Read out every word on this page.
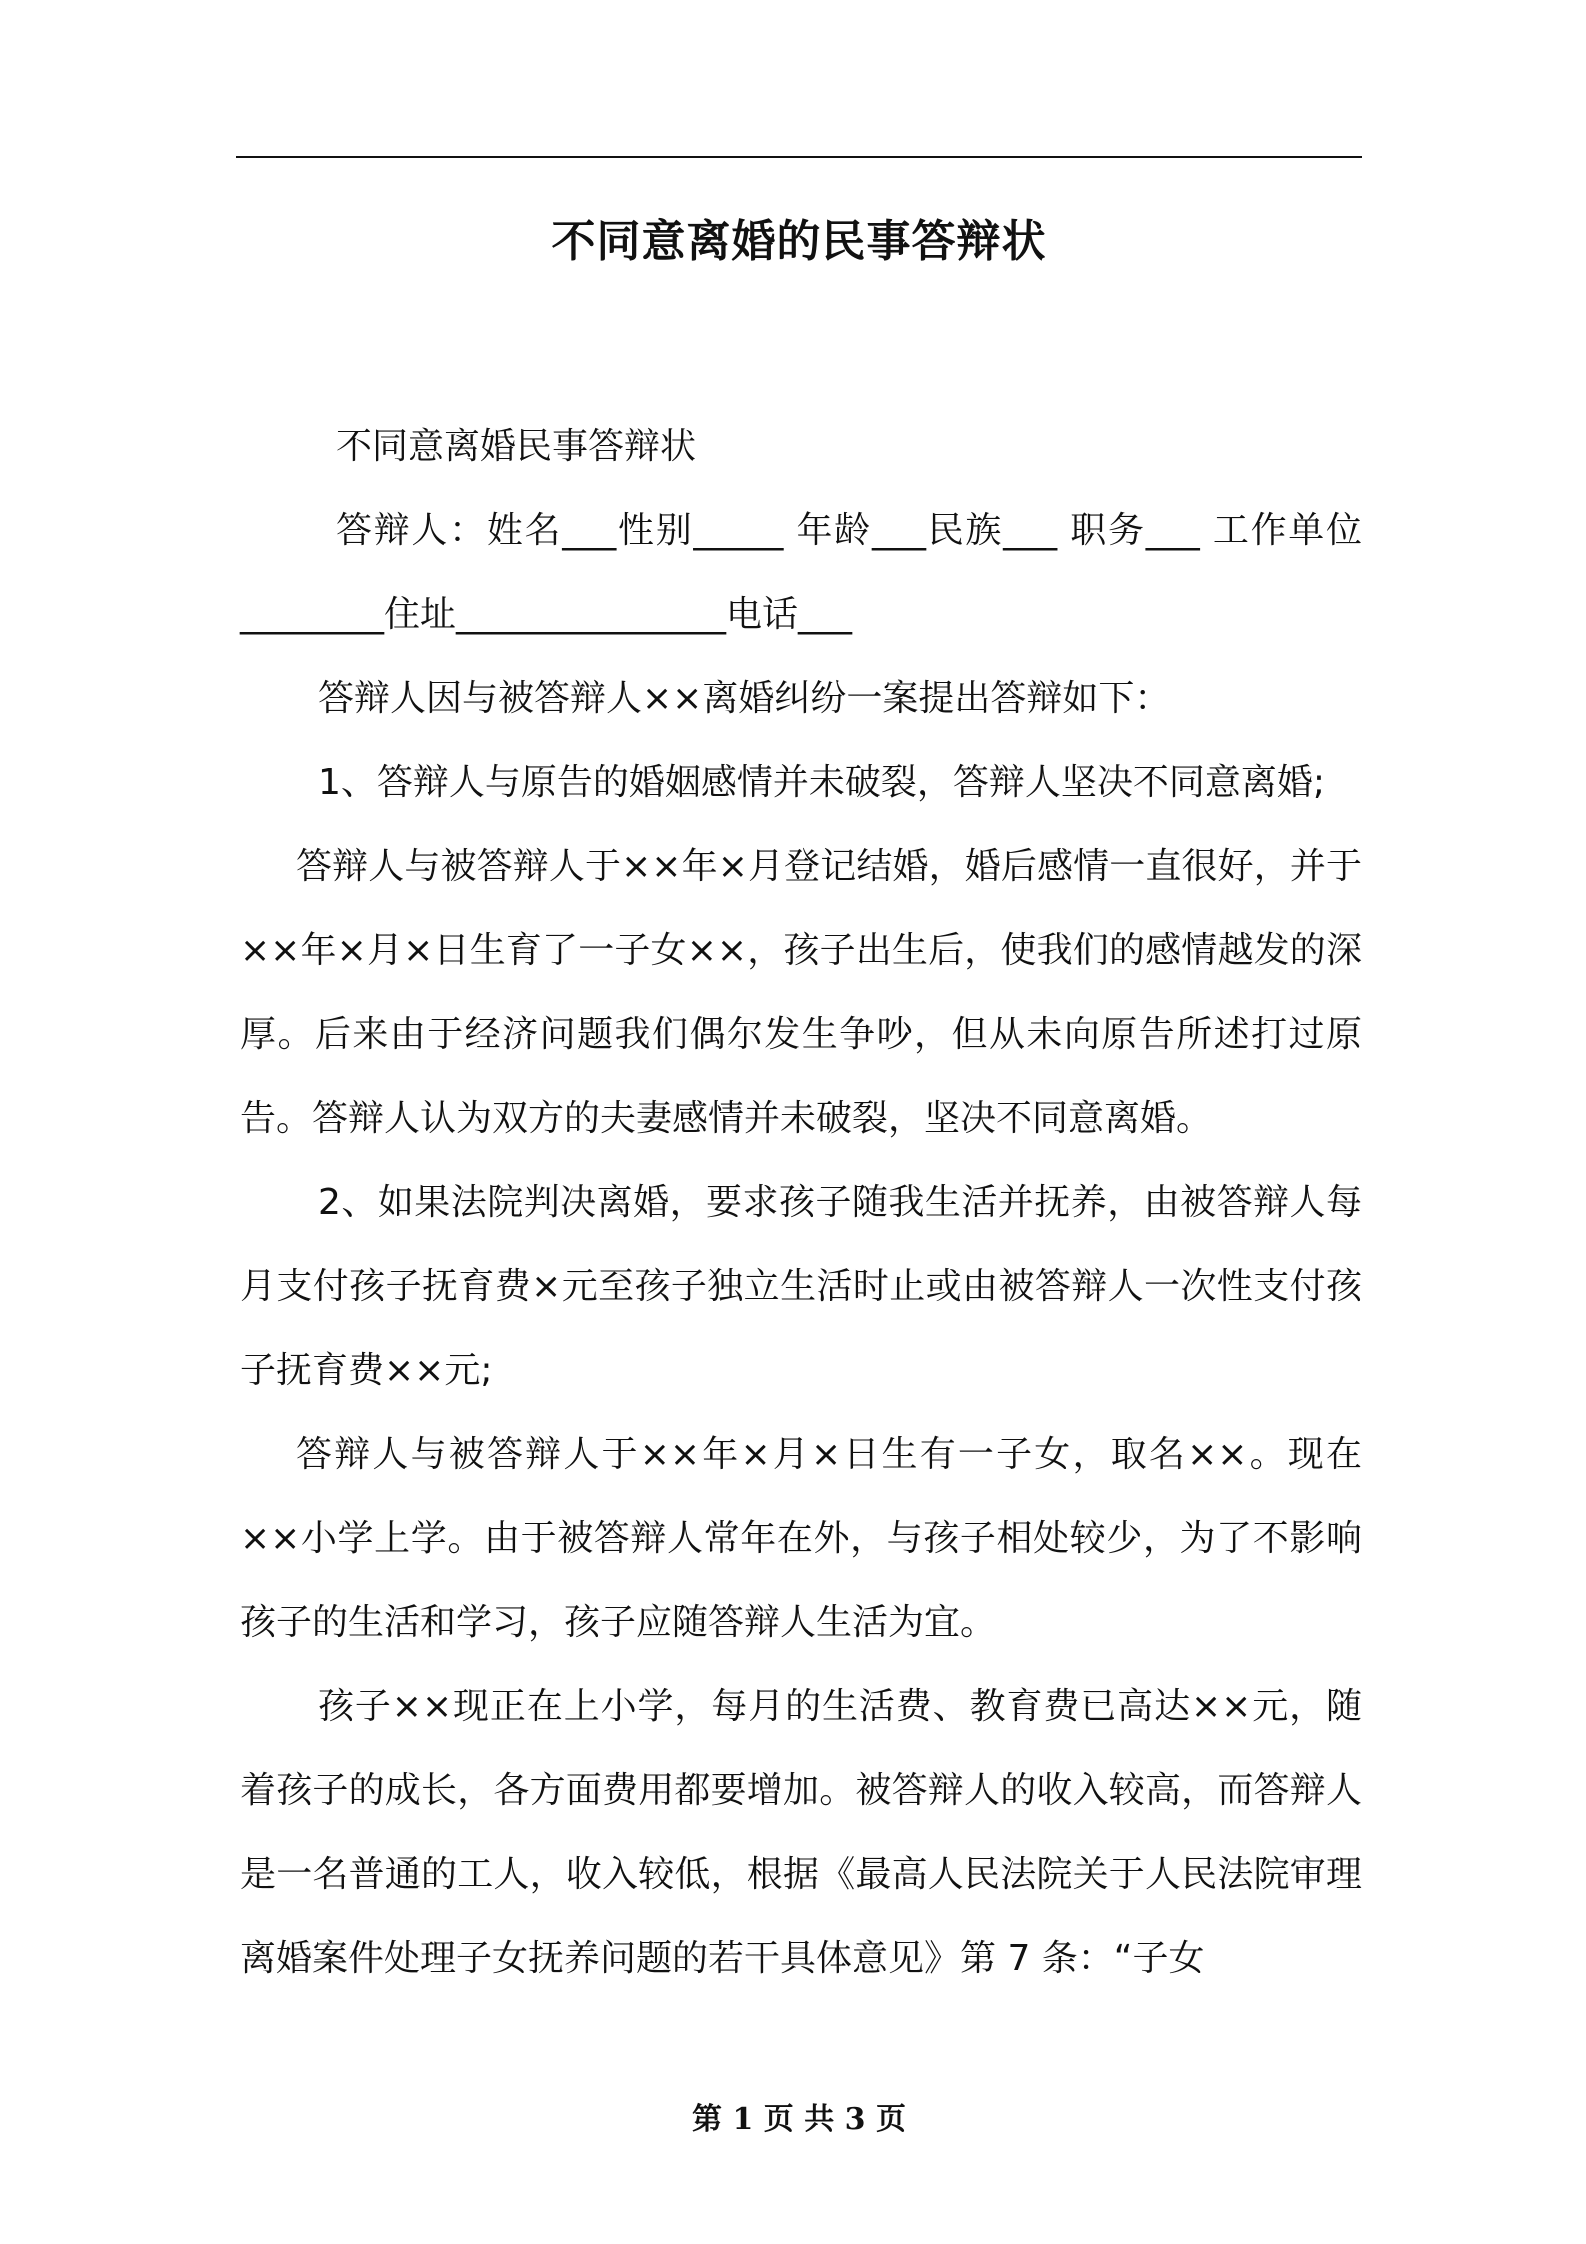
不同意离婚的民事答辩状

不同意离婚民事答辩状

答辩人：姓名___性别_____ 年龄___民族___ 职务___ 工作单位________住址_______________电话___

答辩人因与被答辩人××离婚纠纷一案提出答辩如下：

1、答辩人与原告的婚姻感情并未破裂，答辩人坚决不同意离婚;

答辩人与被答辩人于××年×月登记结婚，婚后感情一直很好，并于××年×月×日生育了一子女××，孩子出生后，使我们的感情越发的深厚。后来由于经济问题我们偶尔发生争吵，但从未向原告所述打过原告。答辩人认为双方的夫妻感情并未破裂，坚决不同意离婚。

2、如果法院判决离婚，要求孩子随我生活并抚养，由被答辩人每月支付孩子抚育费×元至孩子独立生活时止或由被答辩人一次性支付孩子抚育费××元;

答辩人与被答辩人于××年×月×日生有一子女，取名××。现在××小学上学。由于被答辩人常年在外，与孩子相处较少，为了不影响孩子的生活和学习，孩子应随答辩人生活为宜。

孩子××现正在上小学，每月的生活费、教育费已高达××元，随着孩子的成长，各方面费用都要增加。被答辩人的收入较高，而答辩人是一名普通的工人，收入较低，根据《最高人民法院关于人民法院审理离婚案件处理子女抚养问题的若干具体意见》第 7 条：“子女

第 1 页 共 3 页
